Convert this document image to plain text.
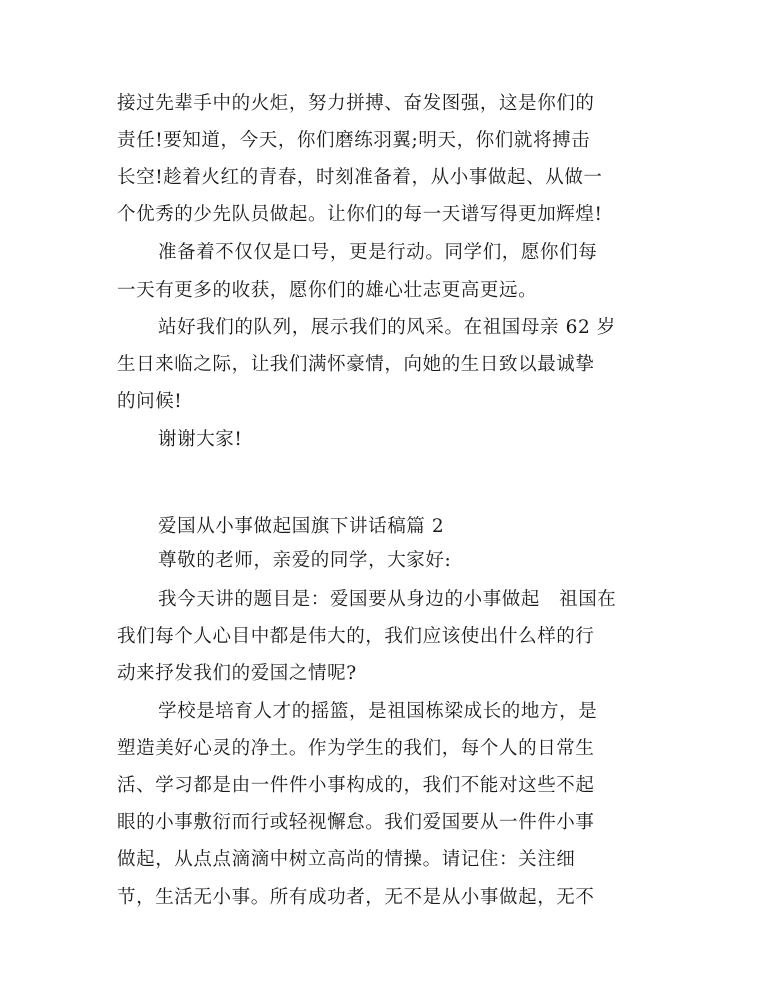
接过先辈手中的火炬，努力拼搏、奋发图强，这是你们的
责任!要知道，今天，你们磨练羽翼;明天，你们就将搏击
长空!趁着火红的青春，时刻准备着，从小事做起、从做一
个优秀的少先队员做起。让你们的每一天谱写得更加辉煌!
准备着不仅仅是口号，更是行动。同学们，愿你们每
一天有更多的收获，愿你们的雄心壮志更高更远。
站好我们的队列，展示我们的风采。在祖国母亲 62 岁
生日来临之际，让我们满怀豪情，向她的生日致以最诚挚
的问候!
谢谢大家!
爱国从小事做起国旗下讲话稿篇 2
尊敬的老师，亲爱的同学，大家好:
我今天讲的题目是：爱国要从身边的小事做起　祖国在
我们每个人心目中都是伟大的，我们应该使出什么样的行
动来抒发我们的爱国之情呢?
学校是培育人才的摇篮，是祖国栋梁成长的地方，是
塑造美好心灵的净土。作为学生的我们，每个人的日常生
活、学习都是由一件件小事构成的，我们不能对这些不起
眼的小事敷衍而行或轻视懈怠。我们爱国要从一件件小事
做起，从点点滴滴中树立高尚的情操。请记住：关注细
节，生活无小事。所有成功者，无不是从小事做起，无不
